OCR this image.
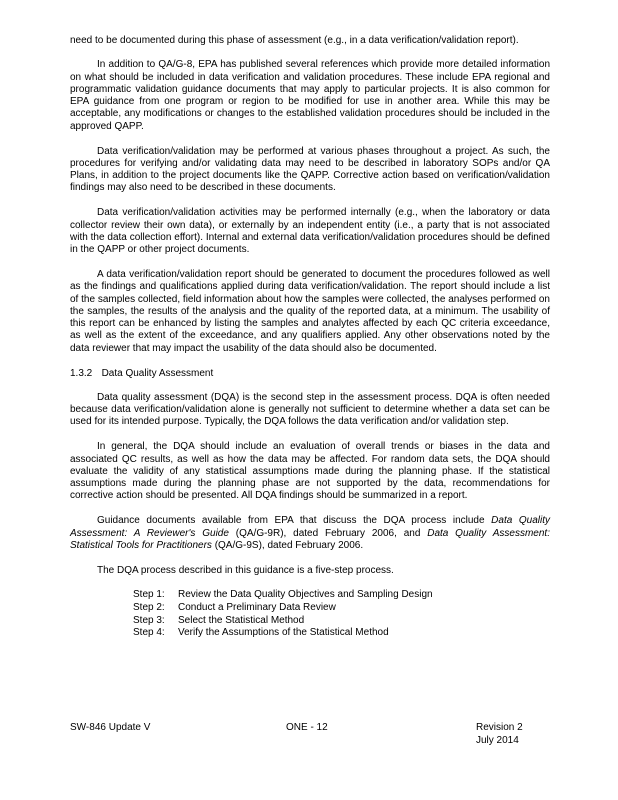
need to be documented during this phase of assessment (e.g., in a data verification/validation report).

In addition to QA/G-8, EPA has published several references which provide more detailed information on what should be included in data verification and validation procedures. These include EPA regional and programmatic validation guidance documents that may apply to particular projects. It is also common for EPA guidance from one program or region to be modified for use in another area. While this may be acceptable, any modifications or changes to the established validation procedures should be included in the approved QAPP.

Data verification/validation may be performed at various phases throughout a project. As such, the procedures for verifying and/or validating data may need to be described in laboratory SOPs and/or QA Plans, in addition to the project documents like the QAPP. Corrective action based on verification/validation findings may also need to be described in these documents.

Data verification/validation activities may be performed internally (e.g., when the laboratory or data collector review their own data), or externally by an independent entity (i.e., a party that is not associated with the data collection effort). Internal and external data verification/validation procedures should be defined in the QAPP or other project documents.

A data verification/validation report should be generated to document the procedures followed as well as the findings and qualifications applied during data verification/validation. The report should include a list of the samples collected, field information about how the samples were collected, the analyses performed on the samples, the results of the analysis and the quality of the reported data, at a minimum. The usability of this report can be enhanced by listing the samples and analytes affected by each QC criteria exceedance, as well as the extent of the exceedance, and any qualifiers applied. Any other observations noted by the data reviewer that may impact the usability of the data should also be documented.

1.3.2 Data Quality Assessment

Data quality assessment (DQA) is the second step in the assessment process. DQA is often needed because data verification/validation alone is generally not sufficient to determine whether a data set can be used for its intended purpose. Typically, the DQA follows the data verification and/or validation step.

In general, the DQA should include an evaluation of overall trends or biases in the data and associated QC results, as well as how the data may be affected. For random data sets, the DQA should evaluate the validity of any statistical assumptions made during the planning phase. If the statistical assumptions made during the planning phase are not supported by the data, recommendations for corrective action should be presented. All DQA findings should be summarized in a report.

Guidance documents available from EPA that discuss the DQA process include Data Quality Assessment: A Reviewer's Guide (QA/G-9R), dated February 2006, and Data Quality Assessment: Statistical Tools for Practitioners (QA/G-9S), dated February 2006.

The DQA process described in this guidance is a five-step process.

Step 1: Review the Data Quality Objectives and Sampling Design
Step 2: Conduct a Preliminary Data Review
Step 3: Select the Statistical Method
Step 4: Verify the Assumptions of the Statistical Method
SW-846 Update V	ONE - 12	Revision 2
July 2014
